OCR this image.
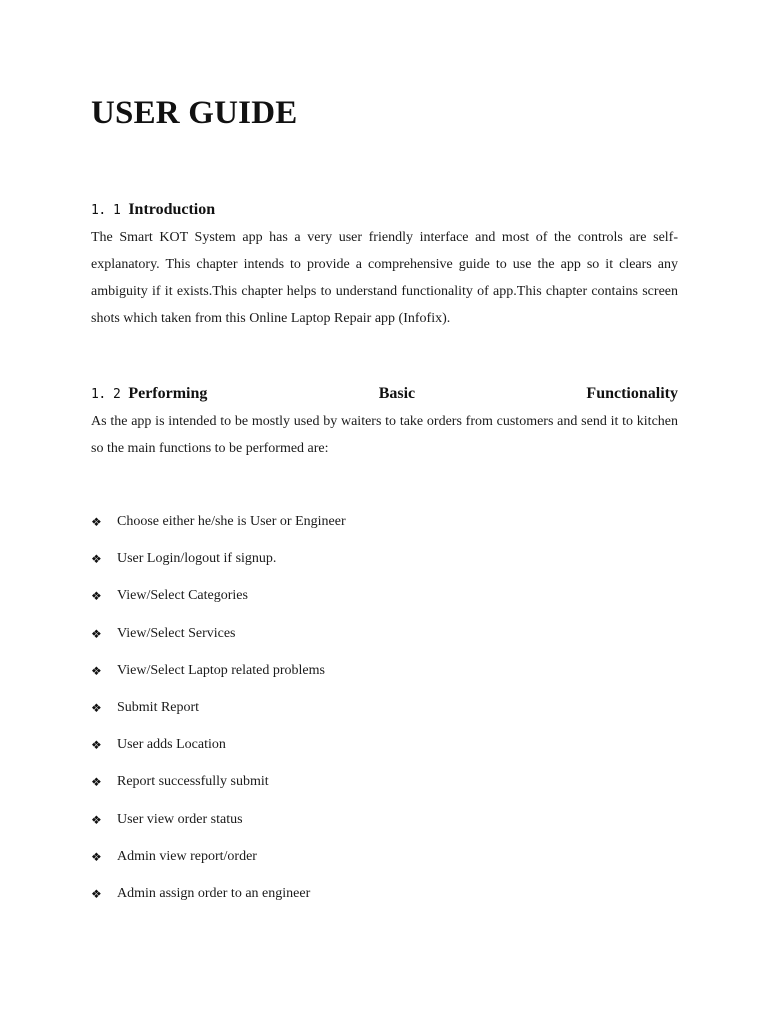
USER GUIDE
1. 1 Introduction

The Smart KOT System app has a very user friendly interface and most of the controls are self-explanatory. This chapter intends to provide a comprehensive guide to use the app so it clears any ambiguity if it exists.This chapter helps to understand functionality of app.This chapter contains screen shots which taken from this Online Laptop Repair app (Infofix).

1. 2 Performing Basic Functionality

As the app is intended to be mostly used by waiters to take orders from customers and send it to kitchen so the main functions to be performed are:

❖	Choose either he/she is User or Engineer
❖	User Login/logout if signup.
❖	View/Select Categories
❖	View/Select Services
❖	View/Select Laptop related problems
❖	Submit Report
❖	User adds Location
❖	Report successfully submit
❖	User view order status
❖	Admin view report/order
❖	Admin assign order to an engineer
